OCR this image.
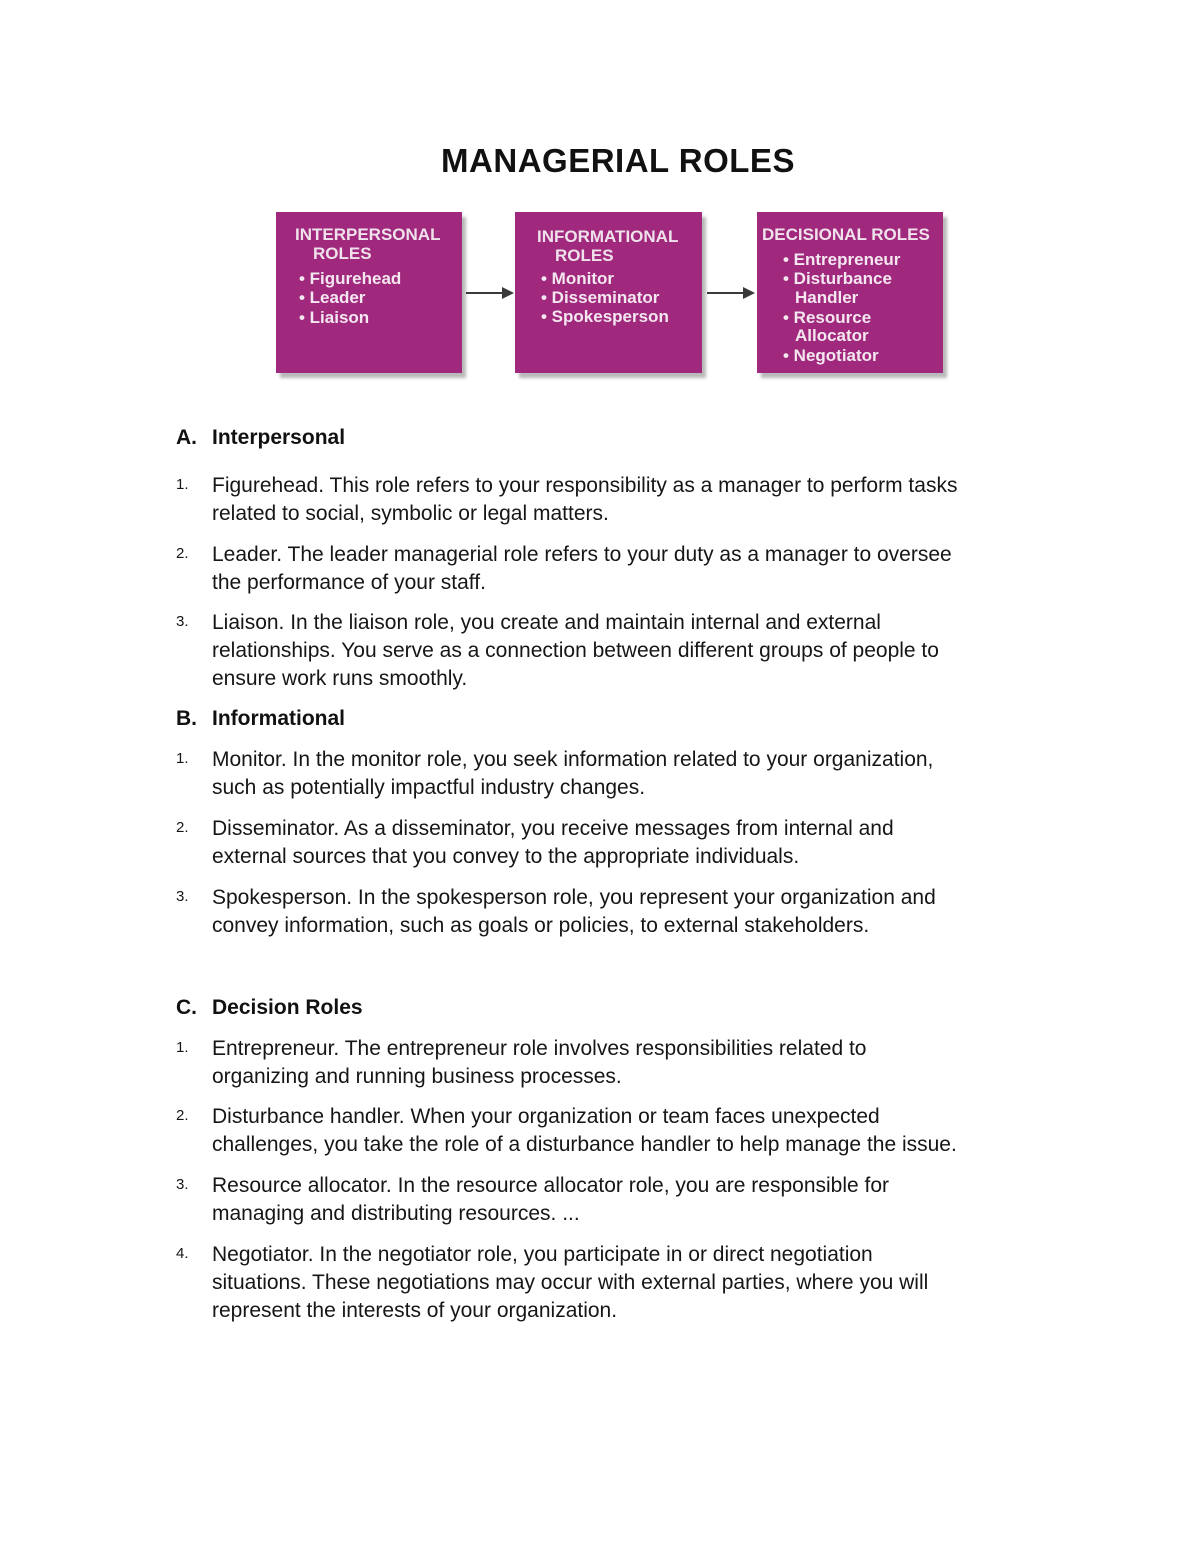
MANAGERIAL ROLES
INTERPERSONAL
ROLES
• Figurehead
• Leader
• Liaison
INFORMATIONAL
ROLES
• Monitor
• Disseminator
• Spokesperson
DECISIONAL ROLES
• Entrepreneur
• Disturbance
Handler
• Resource
Allocator
• Negotiator
A. Interpersonal
1. Figurehead. This role refers to your responsibility as a manager to perform tasks
related to social, symbolic or legal matters.
2. Leader. The leader managerial role refers to your duty as a manager to oversee
the performance of your staff.
3. Liaison. In the liaison role, you create and maintain internal and external
relationships. You serve as a connection between different groups of people to
ensure work runs smoothly.
B. Informational
1. Monitor. In the monitor role, you seek information related to your organization,
such as potentially impactful industry changes.
2. Disseminator. As a disseminator, you receive messages from internal and
external sources that you convey to the appropriate individuals.
3. Spokesperson. In the spokesperson role, you represent your organization and
convey information, such as goals or policies, to external stakeholders.
C. Decision Roles
1. Entrepreneur. The entrepreneur role involves responsibilities related to
organizing and running business processes.
2. Disturbance handler. When your organization or team faces unexpected
challenges, you take the role of a disturbance handler to help manage the issue.
3. Resource allocator. In the resource allocator role, you are responsible for
managing and distributing resources. ...
4. Negotiator. In the negotiator role, you participate in or direct negotiation
situations. These negotiations may occur with external parties, where you will
represent the interests of your organization.
